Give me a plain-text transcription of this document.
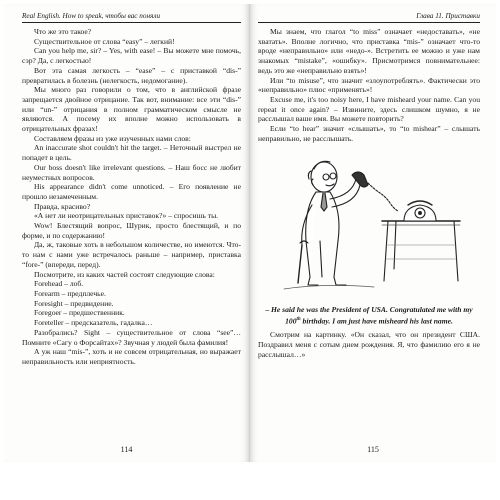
Real English. How to speak, чтобы вас поняли

Что же это такое?

Существительное от слова “easy” – легкий!

Can you help me, sir? – Yes, with ease! – Вы можете мне помочь, сэр? Да, с легкостью!

Вот эта самая легкость – “ease” – с приставкой “dis-” превратилась в болезнь (нелегкость, недомогание).

Мы много раз говорили о том, что в английской фразе запрещается двойное отрицание. Так вот, внимание: все эти “dis-” или “un-” отрицания в полном грамматическом смысле не являются. А посему их вполне можно использовать в отрицательных фразах!

Составляем фразы из уже изученных нами слов:

An inaccurate shot couldn't hit the target. – Неточный выстрел не попадет в цель.

Our boss doesn't like irrelevant questions. – Наш босс не любит неуместных вопросов.

His appearance didn't come unnoticed. – Его появление не прошло незамеченным.

Правда, красиво?

«А нет ли неотрицательных приставок?» – спросишь ты.

Wow! Блестящий вопрос, Шурик, просто блестящий, и по форме, и по содержанию!

Да, ж, таковые хоть в небольшом количестве, но имеются. Что-то нам с нами уже встречалось раньше – например, приставка “fore-” (впереди, перед).

Посмотрите, из каких частей состоят следующие слова:

Forehead – лоб.

Forearm – предплечье.

Foresight – предвидение.

Foregoer – предшественник.

Foreteller – предсказатель, гадалка…

Разобрались? Sight – существительное от слова “see”… Помните «Сагу о Форсайтах»? Звучная у людей была фамилия!

А уж наш “mis-”, хоть и не совсем отрицательная, но выражает неправильность или неприятность.

114
Глава 11. Приставки

Мы знаем, что глагол “to miss” означает «недоставать», «не хватать». Вполне логично, что приставка “mis-” означает что-то вроде «неправильно» или «недо-». Встретить ее можно и уже нам знакомых “mistake”, «ошибку». Присмотримся повнимательнее: ведь это же «неправильно взять»!

Или “to misuse”, что значит «злоупотреблять». Фактически это «неправильно» плюс «применять»!

Excuse me, it's too noisy here, I have misheard your name. Can you repeat it once again? – Извините, здесь слишком шумно, я не расслышал ваше имя. Вы можете повторить?

Если “to hear” значит «слышать», то “to mishear” – слышать неправильно, не расслышать.

– He said he was the President of USA. Congratulated me with my 100th birthday. I am just have misheard his last name.

Смотрим на картинку. «Он сказал, что он президент США. Поздравил меня с сотым днем рождения. Я, что фамилию его я не расслышал…»

115
